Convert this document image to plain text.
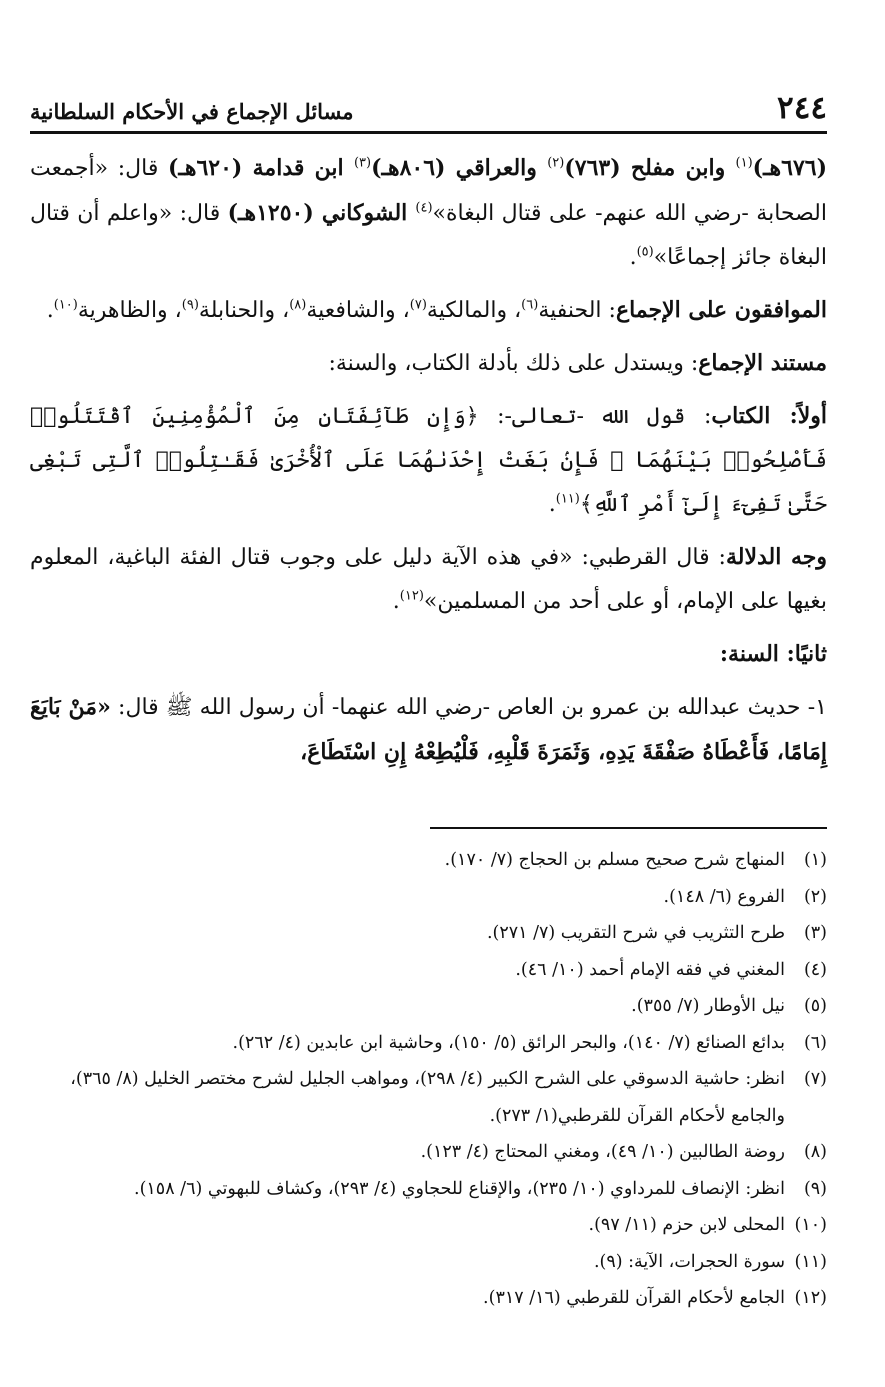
٢٤٤
مسائل الإجماع في الأحكام السلطانية

(٦٧٦هـ)$^{(١)}$ وابن مفلح (٧٦٣)$^{(٢)}$ والعراقي (٨٠٦هـ)$^{(٣)}$ ابن قدامة (٦٢٠هـ) قال: «أجمعت الصحابة -رضي الله عنهم- على قتال البغاة»$^{(٤)}$ الشوكاني (١٢٥٠هـ) قال: «واعلم أن قتال البغاة جائز إجماعًا»$^{(٥)}$.

الموافقون على الإجماع: الحنفية$^{(٦)}$، والمالكية$^{(٧)}$، والشافعية$^{(٨)}$، والحنابلة$^{(٩)}$، والظاهرية$^{(١٠)}$.

مستند الإجماع: ويستدل على ذلك بأدلة الكتاب، والسنة:

أولاً: الكتاب: قول الله -تعالى-: ﴿وَإِن طَآئِفَتَانِ مِنَ ٱلْمُؤْمِنِينَ ٱقْتَتَلُوا۟ فَأَصْلِحُوا۟ بَيْنَهُمَا ۖ فَإِنۢ بَغَتْ إِحْدَىٰهُمَا عَلَى ٱلْأُخْرَىٰ فَقَـٰتِلُوا۟ ٱلَّتِى تَبْغِى حَتَّىٰ تَفِىٓءَ إِلَىٰٓ أَمْرِ ٱللَّهِ﴾$^{(١١)}$.

وجه الدلالة: قال القرطبي: «في هذه الآية دليل على وجوب قتال الفئة الباغية، المعلوم بغيها على الإمام، أو على أحد من المسلمين»$^{(١٢)}$.

ثانيًا: السنة:

١- حديث عبدالله بن عمرو بن العاص -رضي الله عنهما- أن رسول الله ﷺ قال: «مَنْ بَايَعَ إِمَامًا، فَأَعْطَاهُ صَفْقَةَ يَدِهِ، وَثَمَرَةَ قَلْبِهِ، فَلْيُطِعْهُ إِنِ اسْتَطَاعَ،

(١)
المنهاج شرح صحيح مسلم بن الحجاج (٧/ ١٧٠).
(٢)
الفروع (٦/ ١٤٨).
(٣)
طرح التثريب في شرح التقريب (٧/ ٢٧١).
(٤)
المغني في فقه الإمام أحمد (١٠/ ٤٦).
(٥)
نيل الأوطار (٧/ ٣٥٥).
(٦)
بدائع الصنائع (٧/ ١٤٠)، والبحر الرائق (٥/ ١٥٠)، وحاشية ابن عابدين (٤/ ٢٦٢).
(٧)
انظر: حاشية الدسوقي على الشرح الكبير (٤/ ٢٩٨)، ومواهب الجليل لشرح مختصر الخليل (٨/ ٣٦٥)، والجامع لأحكام القرآن للقرطبي(١/ ٢٧٣).
(٨)
روضة الطالبين (١٠/ ٤٩)، ومغني المحتاج (٤/ ١٢٣).
(٩)
انظر: الإنصاف للمرداوي (١٠/ ٢٣٥)، والإقناع للحجاوي (٤/ ٢٩٣)، وكشاف للبهوتي (٦/ ١٥٨).
(١٠)
المحلى لابن حزم (١١/ ٩٧).
(١١)
سورة الحجرات، الآية: (٩).
(١٢)
الجامع لأحكام القرآن للقرطبي (١٦/ ٣١٧).
